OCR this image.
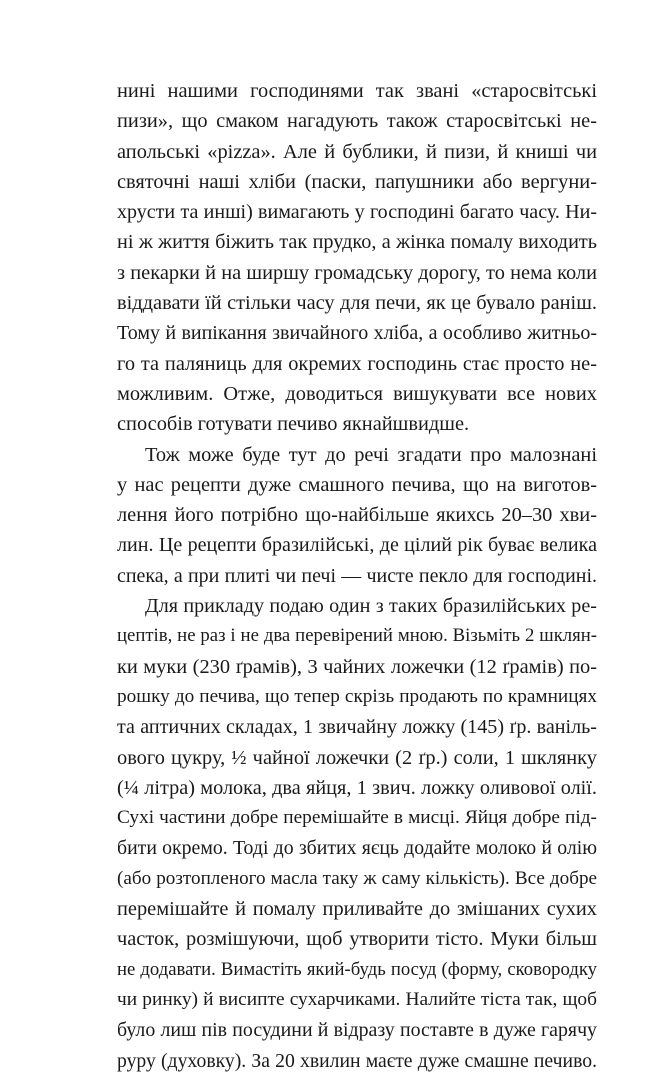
нині нашими господинями так звані «старосвітські
пизи», що смаком нагадують також старосвітські не-
апольські «pizza». Але й бублики, й пизи, й книші чи
святочні наші хліби (паски, папушники або вергуни-
хрусти та инші) вимагають у господині багато часу. Ни-
ні ж життя біжить так прудко, а жінка помалу виходить
з пекарки й на ширшу громадську дорогу, то нема коли
віддавати їй стільки часу для печи, як це бувало раніш.
Тому й випікання звичайного хліба, а особливо житньо-
го та паляниць для окремих господинь стає просто не-
можливим. Отже, доводиться вишукувати все нових
способів готувати печиво якнайшвидше.
Тож може буде тут до речі згадати про малознані
у нас рецепти дуже смашного печива, що на виготов-
лення його потрібно що-найбільше якихсь 20–30 хви-
лин. Це рецепти бразилійські, де цілий рік буває велика
спека, а при плиті чи печі — чисте пекло для господині.
Для прикладу подаю один з таких бразилійських ре-
цептів, не раз і не два перевірений мною. Візьміть 2 шклян-
ки муки (230 ґрамів), 3 чайних ложечки (12 ґрамів) по-
рошку до печива, що тепер скрізь продають по крамницях
та аптичних складах, 1 звичайну ложку (145) ґр. ваніль-
ового цукру, ½ чайної ложечки (2 ґр.) соли, 1 шклянку
(¼ літра) молока, два яйця, 1 звич. ложку оливової олії.
Сухі частини добре перемішайте в мисці. Яйця добре під-
бити окремо. Тоді до збитих яєць додайте молоко й олію
(або розтопленого масла таку ж саму кількість). Все добре
перемішайте й помалу приливайте до змішаних сухих
часток, розмішуючи, щоб утворити тісто. Муки більш
не додавати. Вимастіть який-будь посуд (форму, сковородку
чи ринку) й висипте сухарчиками. Налийте тіста так, щоб
було лиш пів посудини й відразу поставте в дуже гарячу
руру (духовку). За 20 хвилин маєте дуже смашне печиво.
